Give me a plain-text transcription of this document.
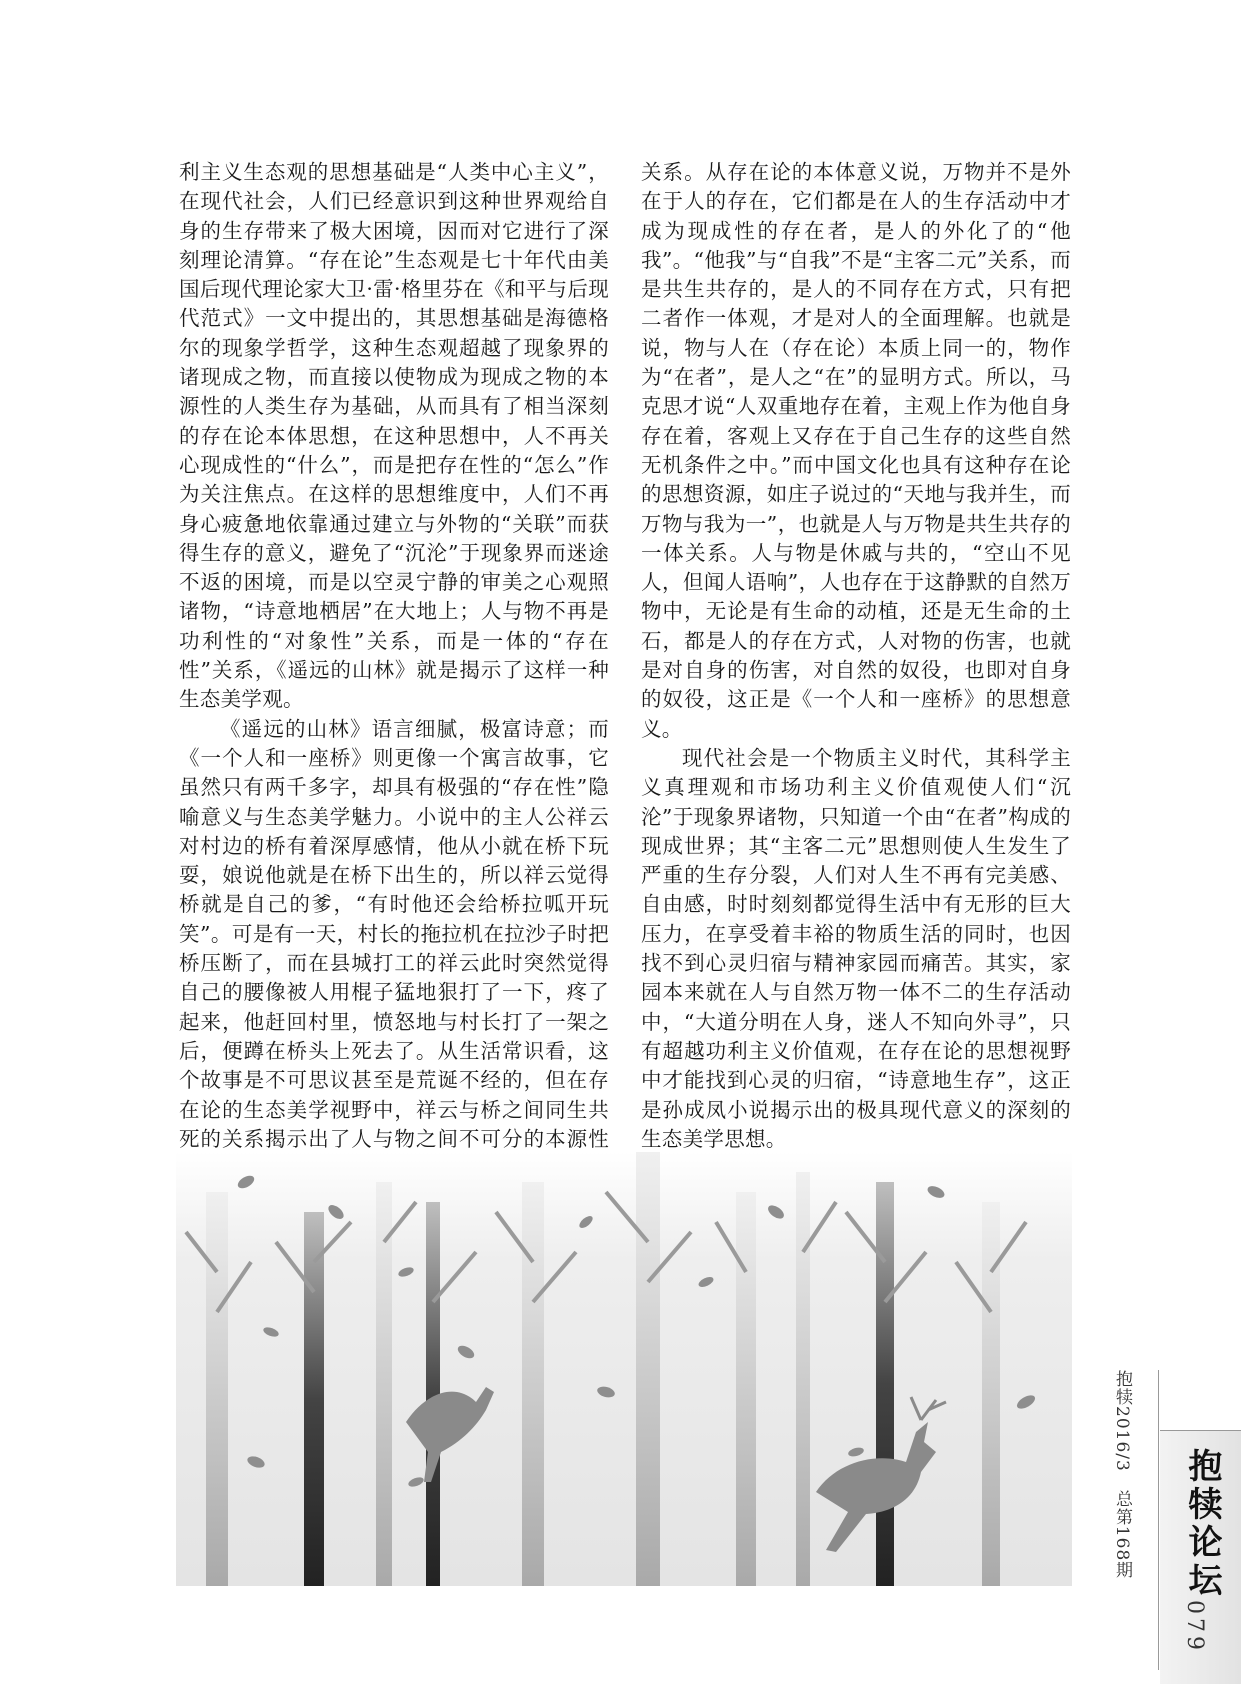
利主义生态观的思想基础是“人类中心主义”，在现代社会，人们已经意识到这种世界观给自身的生存带来了极大困境，因而对它进行了深刻理论清算。“存在论”生态观是七十年代由美国后现代理论家大卫·雷·格里芬在《和平与后现代范式》一文中提出的，其思想基础是海德格尔的现象学哲学，这种生态观超越了现象界的诸现成之物，而直接以使物成为现成之物的本源性的人类生存为基础，从而具有了相当深刻的存在论本体思想，在这种思想中，人不再关心现成性的“什么”，而是把存在性的“怎么”作为关注焦点。在这样的思想维度中，人们不再身心疲惫地依靠通过建立与外物的“关联”而获得生存的意义，避免了“沉沦”于现象界而迷途不返的困境，而是以空灵宁静的审美之心观照诸物，“诗意地栖居”在大地上；人与物不再是功利性的“对象性”关系，而是一体的“存在性”关系，《遥远的山林》就是揭示了这样一种生态美学观。

《遥远的山林》语言细腻，极富诗意；而《一个人和一座桥》则更像一个寓言故事，它虽然只有两千多字，却具有极强的“存在性”隐喻意义与生态美学魅力。小说中的主人公祥云对村边的桥有着深厚感情，他从小就在桥下玩耍，娘说他就是在桥下出生的，所以祥云觉得桥就是自己的爹，“有时他还会给桥拉呱开玩笑”。可是有一天，村长的拖拉机在拉沙子时把桥压断了，而在县城打工的祥云此时突然觉得自己的腰像被人用棍子猛地狠打了一下，疼了起来，他赶回村里，愤怒地与村长打了一架之后，便蹲在桥头上死去了。从生活常识看，这个故事是不可思议甚至是荒诞不经的，但在存在论的生态美学视野中，祥云与桥之间同生共死的关系揭示出了人与物之间不可分的本源性

关系。从存在论的本体意义说，万物并不是外在于人的存在，它们都是在人的生存活动中才成为现成性的存在者，是人的外化了的“他我”。“他我”与“自我”不是“主客二元”关系，而是共生共存的，是人的不同存在方式，只有把二者作一体观，才是对人的全面理解。也就是说，物与人在（存在论）本质上同一的，物作为“在者”，是人之“在”的显明方式。所以，马克思才说“人双重地存在着，主观上作为他自身存在着，客观上又存在于自己生存的这些自然无机条件之中。”而中国文化也具有这种存在论的思想资源，如庄子说过的“天地与我并生，而万物与我为一”，也就是人与万物是共生共存的一体关系。人与物是休戚与共的，“空山不见人，但闻人语响”，人也存在于这静默的自然万物中，无论是有生命的动植，还是无生命的土石，都是人的存在方式，人对物的伤害，也就是对自身的伤害，对自然的奴役，也即对自身的奴役，这正是《一个人和一座桥》的思想意义。

现代社会是一个物质主义时代，其科学主义真理观和市场功利主义价值观使人们“沉沦”于现象界诸物，只知道一个由“在者”构成的现成世界；其“主客二元”思想则使人生发生了严重的生存分裂，人们对人生不再有完美感、自由感，时时刻刻都觉得生活中有无形的巨大压力，在享受着丰裕的物质生活的同时，也因找不到心灵归宿与精神家园而痛苦。其实，家园本来就在人与自然万物一体不二的生存活动中，“大道分明在人身，迷人不知向外寻”，只有超越功利主义价值观，在存在论的思想视野中才能找到心灵的归宿，“诗意地生存”，这正是孙成凤小说揭示出的极具现代意义的深刻的生态美学思想。

抱犊2016/3　总第168期 抱犊论坛
079
